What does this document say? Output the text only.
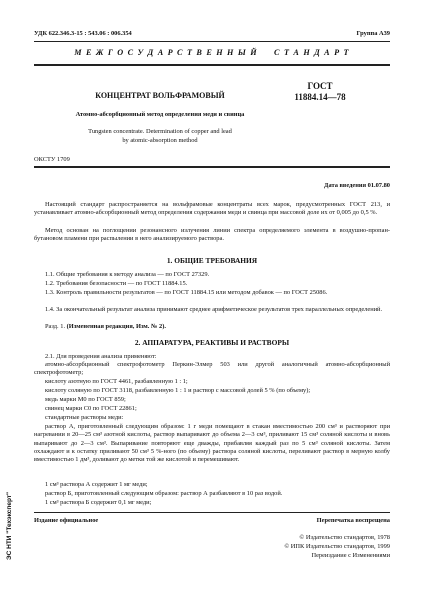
ЭС НТИ "Техэксперт"
УДК 622.346.3-15 : 543.06 : 006.354	Группа А39
М Е Ж Г О С У Д А Р С Т В Е Н Н Ы Й     С Т А Н Д А Р Т
КОНЦЕНТРАТ ВОЛЬФРАМОВЫЙ
Атомно-абсорбционный метод определения меди и свинца
ГОСТ
11884.14—78
Tungsten concentrate. Determination of copper and lead
by atomic-absorption method
ОКСТУ 1709
Дата введения 01.07.80
Настоящий стандарт распространяется на вольфрамовые концентраты всех марок, предусмотренных ГОСТ 213, и устанавливает атомно-абсорбционный метод определения содержания меди и свинца при массовой доле их от 0,005 до 0,5 %.
Метод основан на поглощении резонансного излучения линии спектра определяемого элемента в воздушно-пропан-бутановом пламени при распылении в него анализируемого раствора.
1. ОБЩИЕ ТРЕБОВАНИЯ
1.1. Общие требования к методу анализа — по ГОСТ 27329.
1.2. Требования безопасности — по ГОСТ 11884.15.
1.3. Контроль правильности результатов — по ГОСТ 11884.15 или методом добавок — по ГОСТ 25086.
1.4. За окончательный результат анализа принимают среднее арифметическое результатов трех параллельных определений.
Разд. 1. (Измененная редакция, Изм. № 2).
2. АППАРАТУРА, РЕАКТИВЫ И РАСТВОРЫ
2.1. Для проведения анализа применяют:
атомно-абсорбционный спектрофотометр Перкин-Элмер 503 или другой аналогичный атомно-абсорбционный спектрофотометр;
кислоту азотную по ГОСТ 4461, разбавленную 1 : 1;
кислоту соляную по ГОСТ 3118, разбавленную 1 : 1 и раствор с массовой долей 5 % (по объему);
медь марки М0 по ГОСТ 859;
свинец марки С0 по ГОСТ 22861;
стандартные растворы меди:
раствор А, приготовленный следующим образом: 1 г меди помещают в стакан вместимостью 200 см³ и растворяют при нагревании в 20—25 см³ азотной кислоты, раствор выпаривают до объема 2—3 см³, приливают 15 см³ соляной кислоты и вновь выпаривают до 2—3 см³. Выпаривание повторяют еще дважды, прибавляя каждый раз по 5 см³ соляной кислоты. Затем охлаждают и к остатку приливают 50 см³ 5 %-ного (по объему) раствора соляной кислоты, переливают раствор в мерную колбу вместимостью 1 дм³, доливают до метки той же кислотой и перемешивают.
1 см³ раствора А содержит 1 мг меди;
раствор Б, приготовленный следующим образом: раствор А разбавляют в 10 раз водой.
1 см³ раствора Б содержит 0,1 мг меди;
Издание официальное	Перепечатка воспрещена
© Издательство стандартов, 1978
© ИПК Издательство стандартов, 1999
Переиздание с Изменениями
